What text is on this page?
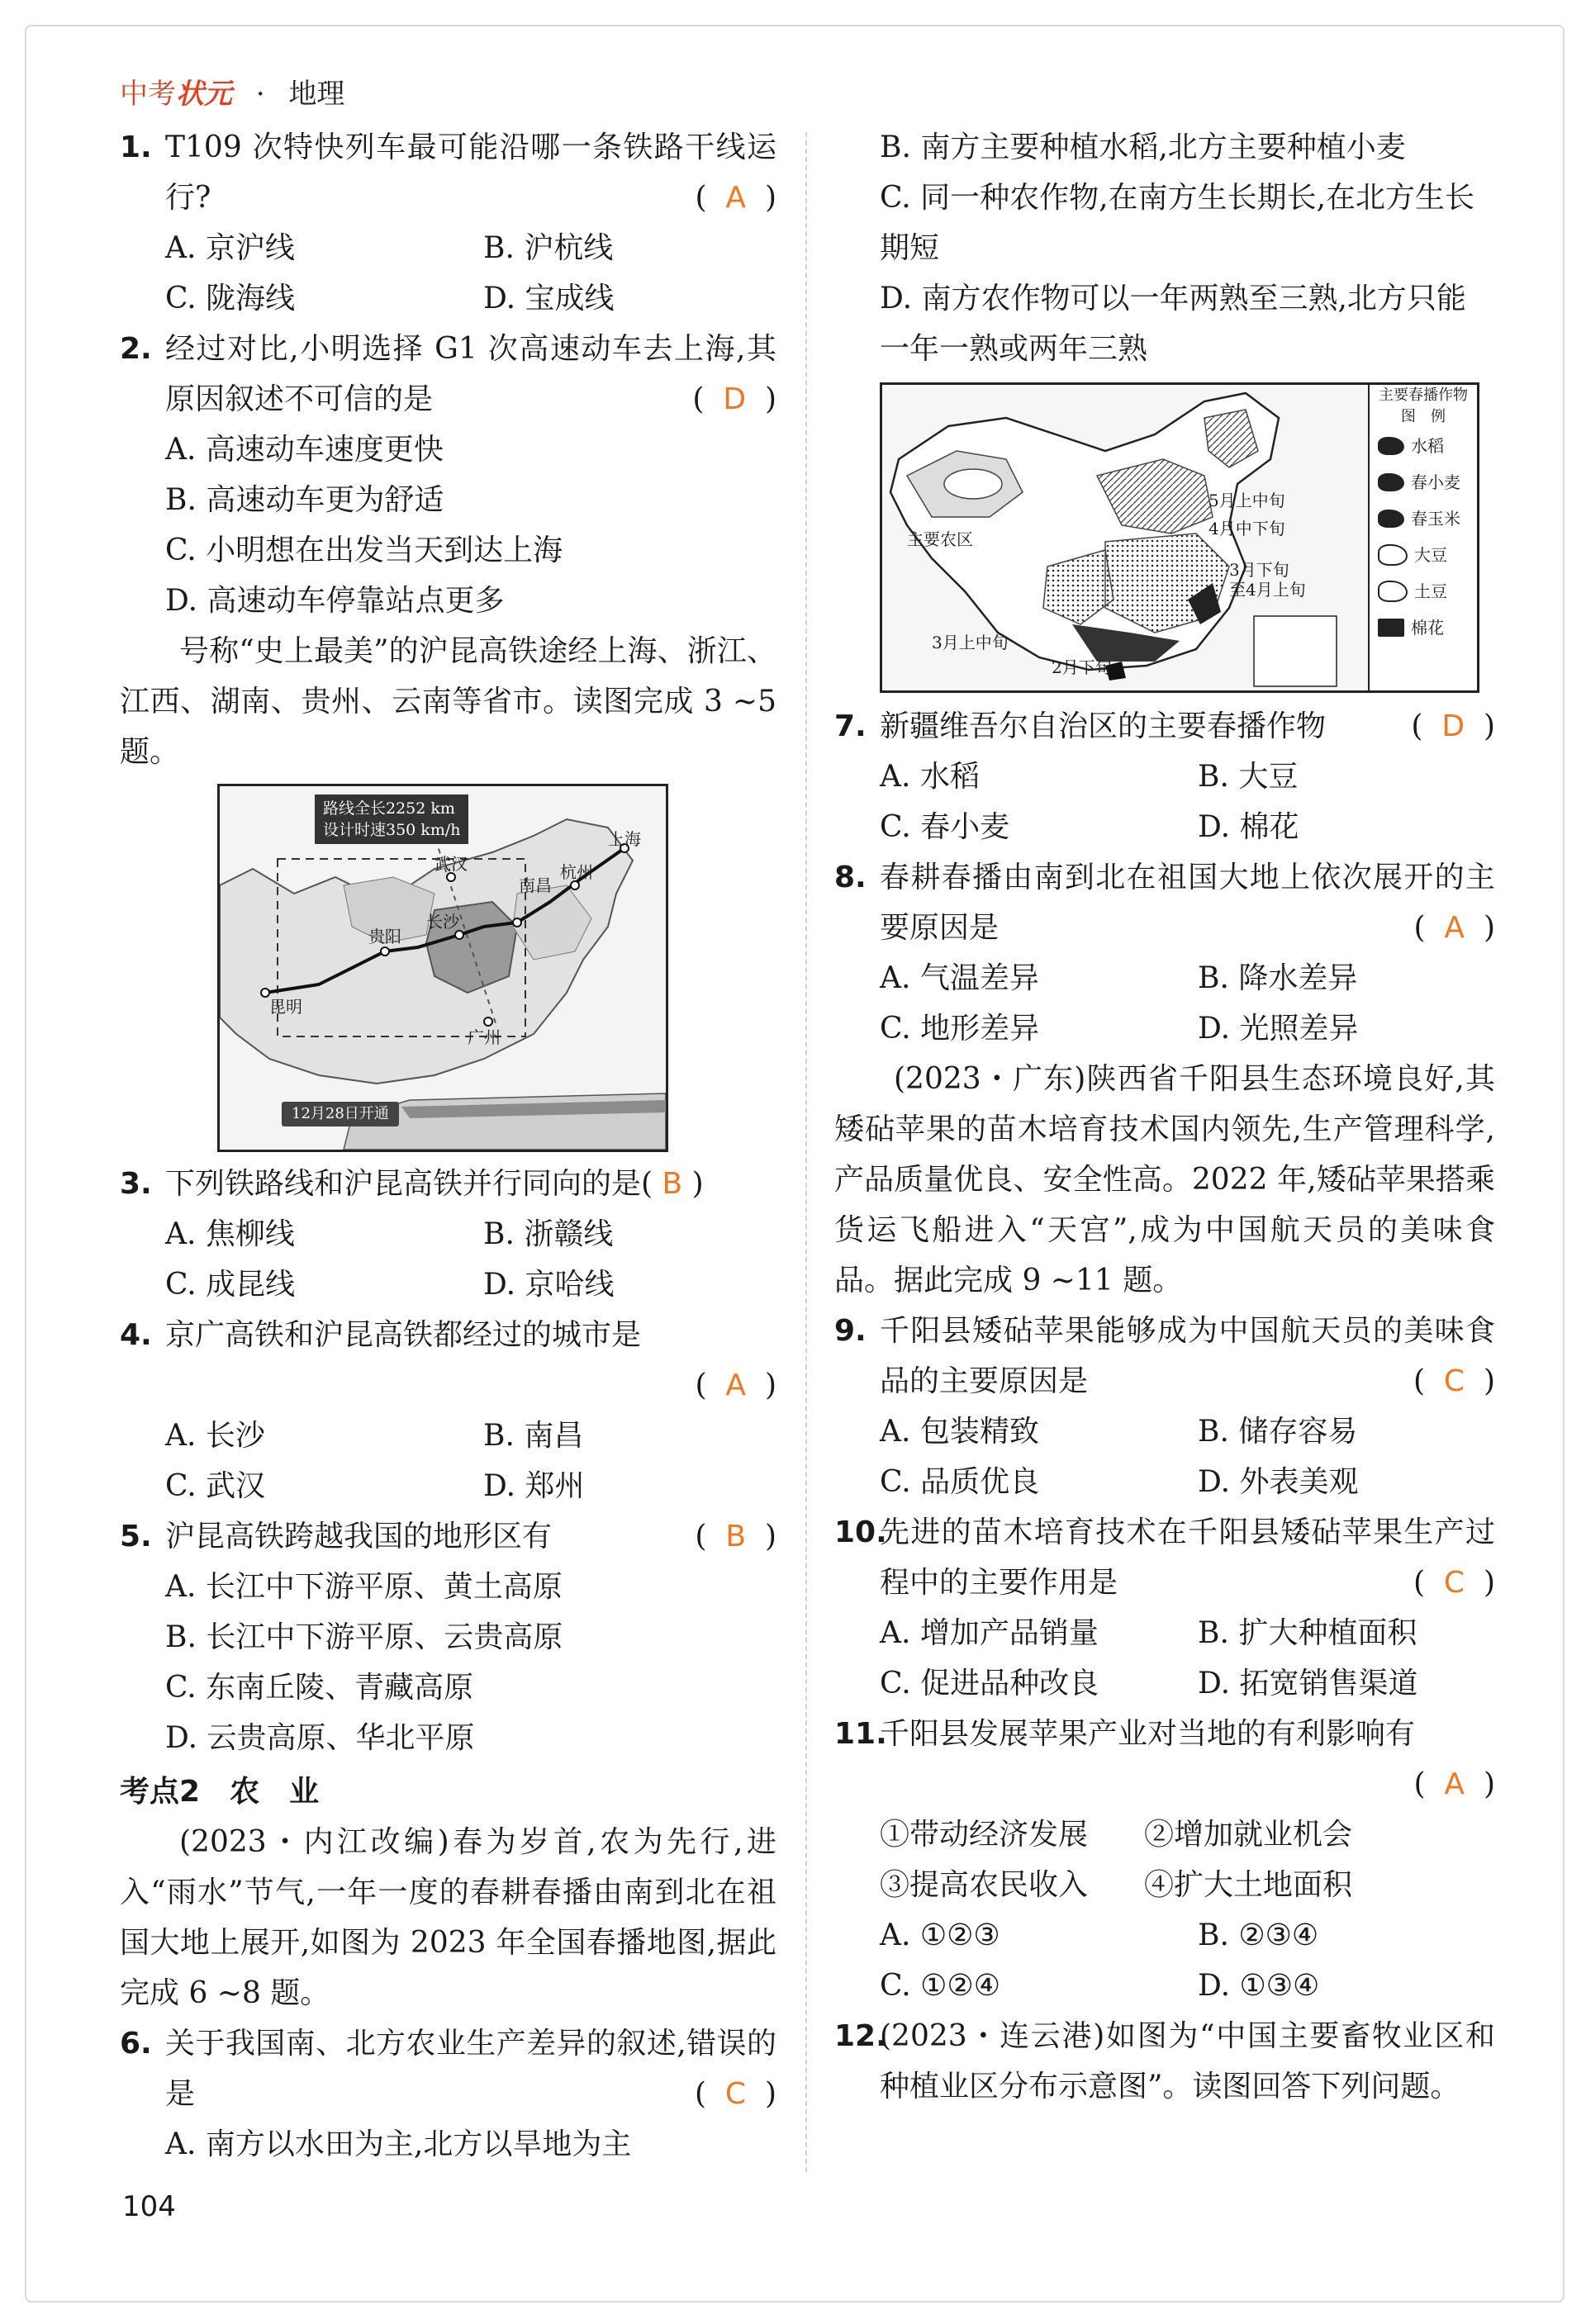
中考状元 · 地理
1. T109 次特快列车最可能沿哪一条铁路干线运行?	( A )
A. 京沪线	B. 沪杭线
C. 陇海线	D. 宝成线
2. 经过对比,小明选择 G1 次高速动车去上海,其原因叙述不可信的是	( D )
A. 高速动车速度更快
B. 高速动车更为舒适
C. 小明想在出发当天到达上海
D. 高速动车停靠站点更多
号称“史上最美”的沪昆高铁途经上海、浙江、江西、湖南、贵州、云南等省市。读图完成 3 ~5 题。
路线全长2252 km
设计时速350 km/h	上海
杭州
南昌
武汉
长沙
贵阳
昆明
广州
12月28日开通
3. 下列铁路线和沪昆高铁并行同向的是( B )
A. 焦柳线	B. 浙赣线
C. 成昆线	D. 京哈线
4. 京广高铁和沪昆高铁都经过的城市是
( A )
A. 长沙	B. 南昌
C. 武汉	D. 郑州
5. 沪昆高铁跨越我国的地形区有	( B )
A. 长江中下游平原、黄土高原
B. 长江中下游平原、云贵高原
C. 东南丘陵、青藏高原
D. 云贵高原、华北平原
考点2　 农　业
(2023・内江改编)春为岁首,农为先行,进入“雨水”节气,一年一度的春耕春播由南到北在祖国大地上展开,如图为 2023 年全国春播地图,据此完成 6 ~8 题。
6. 关于我国南、北方农业生产差异的叙述,错误的是	( C )
A. 南方以水田为主,北方以旱地为主
B. 南方主要种植水稻,北方主要种植小麦
C. 同一种农作物,在南方生长期长,在北方生长期短
D. 南方农作物可以一年两熟至三熟,北方只能一年一熟或两年三熟
5月上中旬
4月中下旬
3月下旬
至4月上旬
3月上中旬
2月下旬
主要农区
主要春播作物
图　例
水稻
春小麦
春玉米
大豆
土豆
棉花
7. 新疆维吾尔自治区的主要春播作物	( D )
A. 水稻	B. 大豆
C. 春小麦	D. 棉花
8. 春耕春播由南到北在祖国大地上依次展开的主要原因是	( A )
A. 气温差异	B. 降水差异
C. 地形差异	D. 光照差异
(2023・广东)陕西省千阳县生态环境良好,其矮砧苹果的苗木培育技术国内领先,生产管理科学,产品质量优良、安全性高。2022 年,矮砧苹果搭乘货运飞船进入“天宫”,成为中国航天员的美味食品。据此完成 9 ~11 题。
9. 千阳县矮砧苹果能够成为中国航天员的美味食品的主要原因是	( C )
A. 包装精致	B. 储存容易
C. 品质优良	D. 外表美观
10.
先进的苗木培育技术在千阳县矮砧苹果生产过程中的主要作用是	( C )
A. 增加产品销量	B. 扩大种植面积
C. 促进品种改良	D. 拓宽销售渠道
11.
千阳县发展苹果产业对当地的有利影响有
( A )
①带动经济发展	②增加就业机会
③提高农民收入	④扩大土地面积
A. ①②③	B. ②③④
C. ①②④	D. ①③④
12.
(2023・连云港)如图为“中国主要畜牧业区和种植业区分布示意图”。读图回答下列问题。
104
